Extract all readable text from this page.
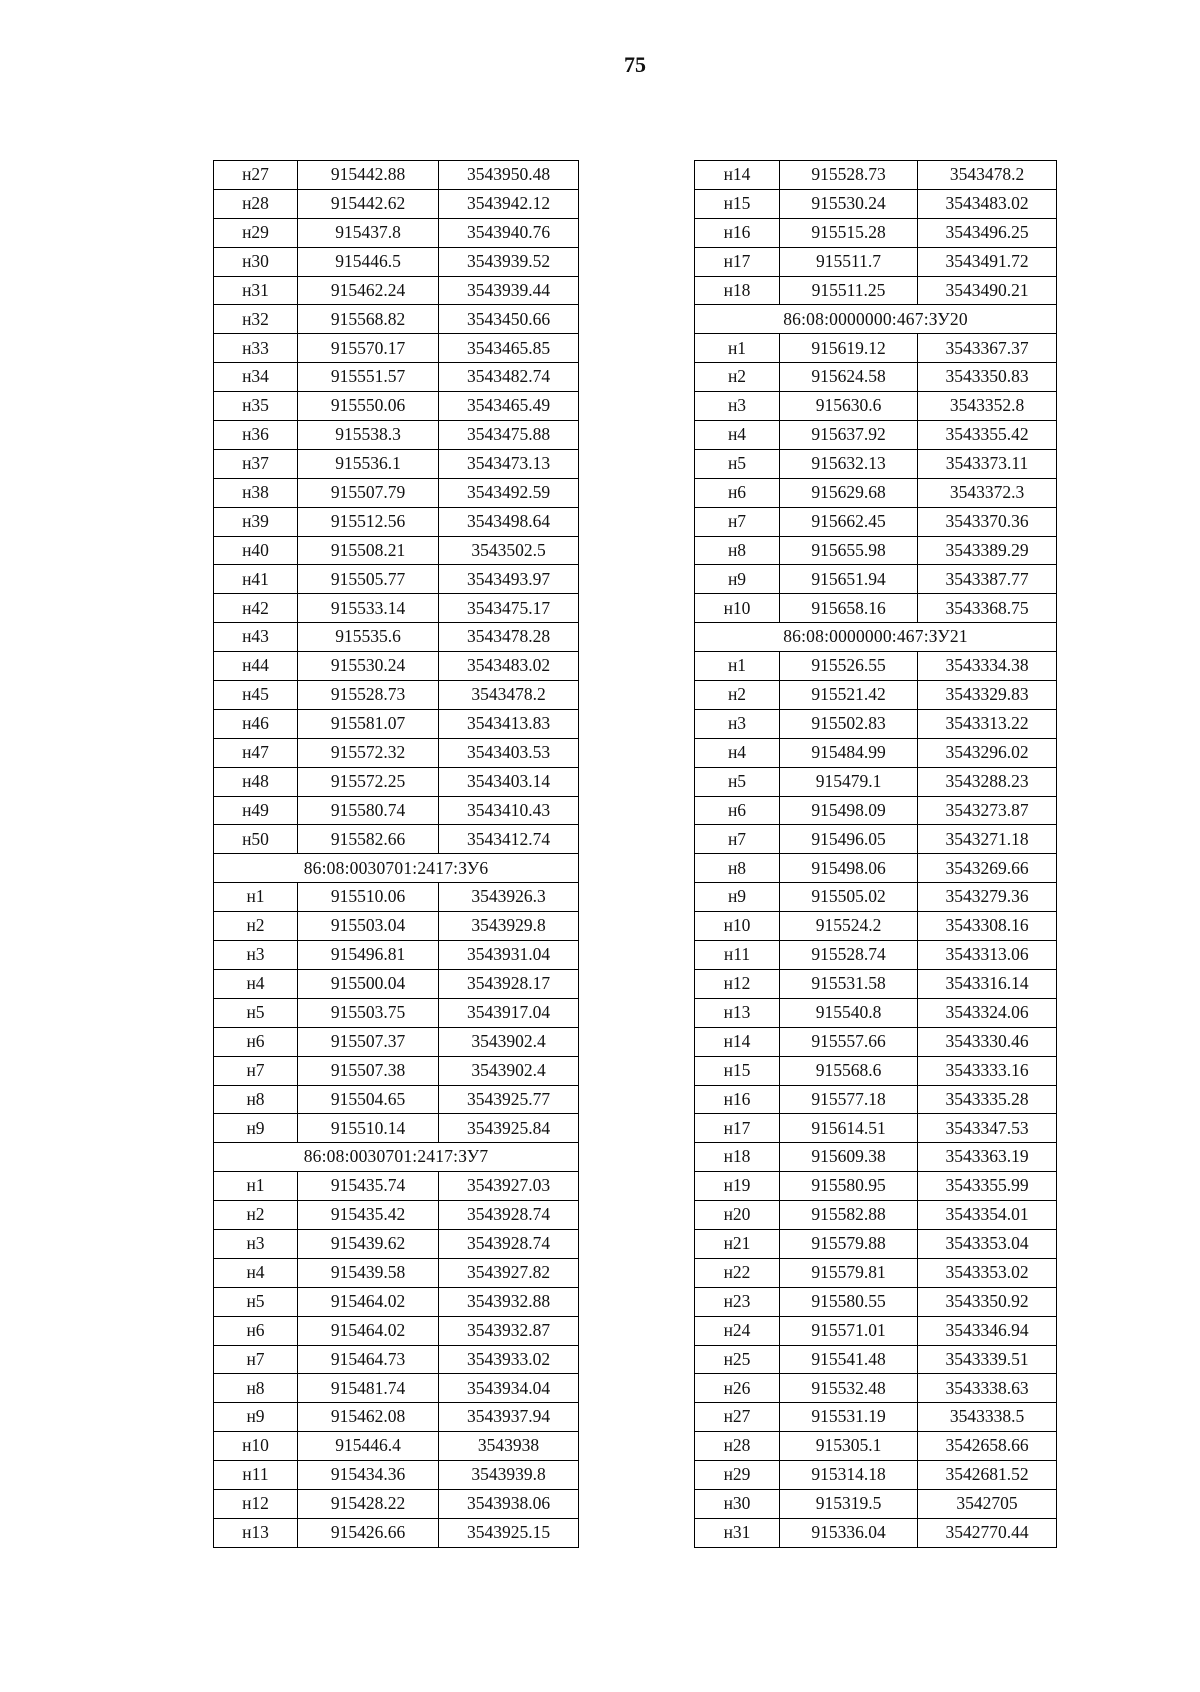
75
н27	915442.88	3543950.48
н28	915442.62	3543942.12
н29	915437.8	3543940.76
н30	915446.5	3543939.52
н31	915462.24	3543939.44
н32	915568.82	3543450.66
н33	915570.17	3543465.85
н34	915551.57	3543482.74
н35	915550.06	3543465.49
н36	915538.3	3543475.88
н37	915536.1	3543473.13
н38	915507.79	3543492.59
н39	915512.56	3543498.64
н40	915508.21	3543502.5
н41	915505.77	3543493.97
н42	915533.14	3543475.17
н43	915535.6	3543478.28
н44	915530.24	3543483.02
н45	915528.73	3543478.2
н46	915581.07	3543413.83
н47	915572.32	3543403.53
н48	915572.25	3543403.14
н49	915580.74	3543410.43
н50	915582.66	3543412.74
86:08:0030701:2417:ЗУ6		
н1	915510.06	3543926.3
н2	915503.04	3543929.8
н3	915496.81	3543931.04
н4	915500.04	3543928.17
н5	915503.75	3543917.04
н6	915507.37	3543902.4
н7	915507.38	3543902.4
н8	915504.65	3543925.77
н9	915510.14	3543925.84
86:08:0030701:2417:ЗУ7		
н1	915435.74	3543927.03
н2	915435.42	3543928.74
н3	915439.62	3543928.74
н4	915439.58	3543927.82
н5	915464.02	3543932.88
н6	915464.02	3543932.87
н7	915464.73	3543933.02
н8	915481.74	3543934.04
н9	915462.08	3543937.94
н10	915446.4	3543938
н11	915434.36	3543939.8
н12	915428.22	3543938.06
н13	915426.66	3543925.15
н14	915528.73	3543478.2
н15	915530.24	3543483.02
н16	915515.28	3543496.25
н17	915511.7	3543491.72
н18	915511.25	3543490.21
86:08:0000000:467:ЗУ20		
н1	915619.12	3543367.37
н2	915624.58	3543350.83
н3	915630.6	3543352.8
н4	915637.92	3543355.42
н5	915632.13	3543373.11
н6	915629.68	3543372.3
н7	915662.45	3543370.36
н8	915655.98	3543389.29
н9	915651.94	3543387.77
н10	915658.16	3543368.75
86:08:0000000:467:ЗУ21		
н1	915526.55	3543334.38
н2	915521.42	3543329.83
н3	915502.83	3543313.22
н4	915484.99	3543296.02
н5	915479.1	3543288.23
н6	915498.09	3543273.87
н7	915496.05	3543271.18
н8	915498.06	3543269.66
н9	915505.02	3543279.36
н10	915524.2	3543308.16
н11	915528.74	3543313.06
н12	915531.58	3543316.14
н13	915540.8	3543324.06
н14	915557.66	3543330.46
н15	915568.6	3543333.16
н16	915577.18	3543335.28
н17	915614.51	3543347.53
н18	915609.38	3543363.19
н19	915580.95	3543355.99
н20	915582.88	3543354.01
н21	915579.88	3543353.04
н22	915579.81	3543353.02
н23	915580.55	3543350.92
н24	915571.01	3543346.94
н25	915541.48	3543339.51
н26	915532.48	3543338.63
н27	915531.19	3543338.5
н28	915305.1	3542658.66
н29	915314.18	3542681.52
н30	915319.5	3542705
н31	915336.04	3542770.44
